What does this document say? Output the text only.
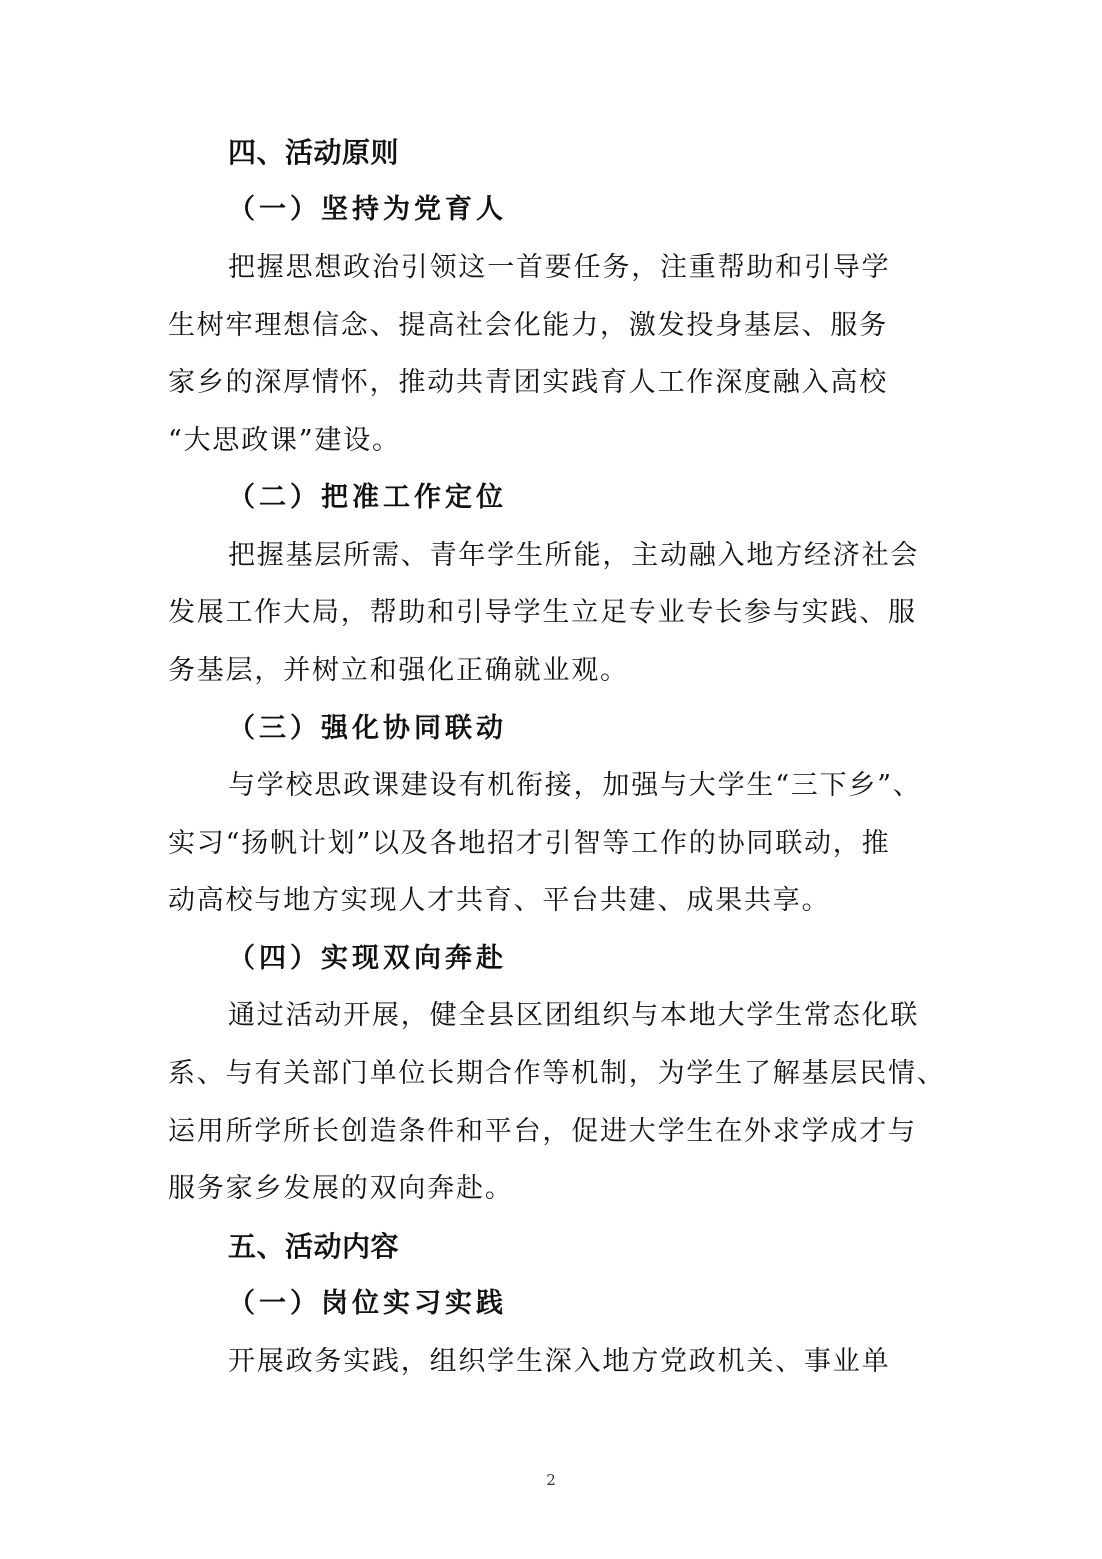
四、活动原则
（一）坚持为党育人
把握思想政治引领这一首要任务，注重帮助和引导学
生树牢理想信念、提高社会化能力，激发投身基层、服务
家乡的深厚情怀，推动共青团实践育人工作深度融入高校
“大思政课”建设。
（二）把准工作定位
把握基层所需、青年学生所能，主动融入地方经济社会
发展工作大局，帮助和引导学生立足专业专长参与实践、服
务基层，并树立和强化正确就业观。
（三）强化协同联动
与学校思政课建设有机衔接，加强与大学生“三下乡”、
实习“扬帆计划”以及各地招才引智等工作的协同联动，推
动高校与地方实现人才共育、平台共建、成果共享。
（四）实现双向奔赴
通过活动开展，健全县区团组织与本地大学生常态化联
系、与有关部门单位长期合作等机制，为学生了解基层民情、
运用所学所长创造条件和平台，促进大学生在外求学成才与
服务家乡发展的双向奔赴。
五、活动内容
（一）岗位实习实践
开展政务实践，组织学生深入地方党政机关、事业单
2
